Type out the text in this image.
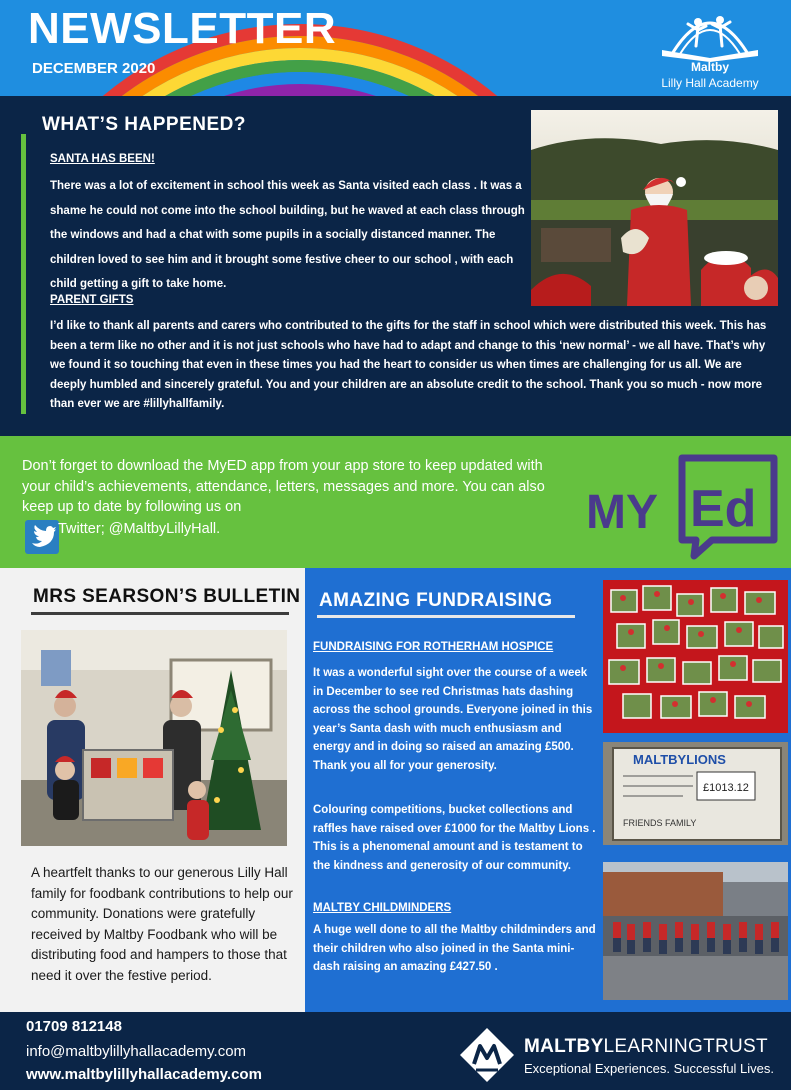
NEWSLETTER
DECEMBER 2020	Maltby
Lilly Hall Academy
WHAT’S HAPPENED?
SANTA HAS BEEN!
There was a lot of excitement in school this week as Santa visited each class . It was a shame he could not come into the school building, but he waved at each class through the windows and had a chat with some pupils in a socially distanced manner. The children loved to see him and it brought some festive cheer to our school , with each child getting a gift to take home.
PARENT GIFTS
I’d like to thank all parents and carers who contributed to the gifts for the staff in school which were distributed this week. This has been a term like no other and it is not just schools who have had to adapt and change to this ‘new normal’ - we all have. That’s why we found it so touching that even in these times you had the heart to consider us when times are challenging for us all. We are deeply humbled and sincerely grateful. You and your children are an absolute credit to the school. Thank you so much - now more than ever we are #lillyhallfamily.
Don’t forget to download the MyED app from your app store to keep updated with your child’s achievements, attendance, letters, messages and more. You can also keep up to date by following us on
Twitter; @MaltbyLillyHall.	MY Ed
MRS SEARSON’S BULLETIN
A heartfelt thanks to our generous Lilly Hall family for foodbank contributions to help our community. Donations were gratefully received by Maltby Foodbank who will be distributing food and hampers to those that need it over the festive period.
AMAZING FUNDRAISING
FUNDRAISING FOR ROTHERHAM HOSPICE
It was a wonderful sight over the course of a week in December to see red Christmas hats dashing across the school grounds. Everyone joined in this year’s Santa dash with much enthusiasm and energy and in doing so raised an amazing £500. Thank you all for your generosity.
Colouring competitions, bucket collections and raffles have raised over £1000 for the Maltby Lions . This is a phenomenal amount and is testament to the kindness and generosity of our community.
MALTBY CHILDMINDERS
A huge well done to all the Maltby childminders and their children who also joined in the Santa mini-dash raising an amazing £427.50 .
MALTBYLIONS
£1013.12
FRIENDS FAMILY
01709 812148
info@maltbylillyhallacademy.com
www.maltbylillyhallacademy.com
MALTBYLEARNINGTRUST
Exceptional Experiences. Successful Lives.
